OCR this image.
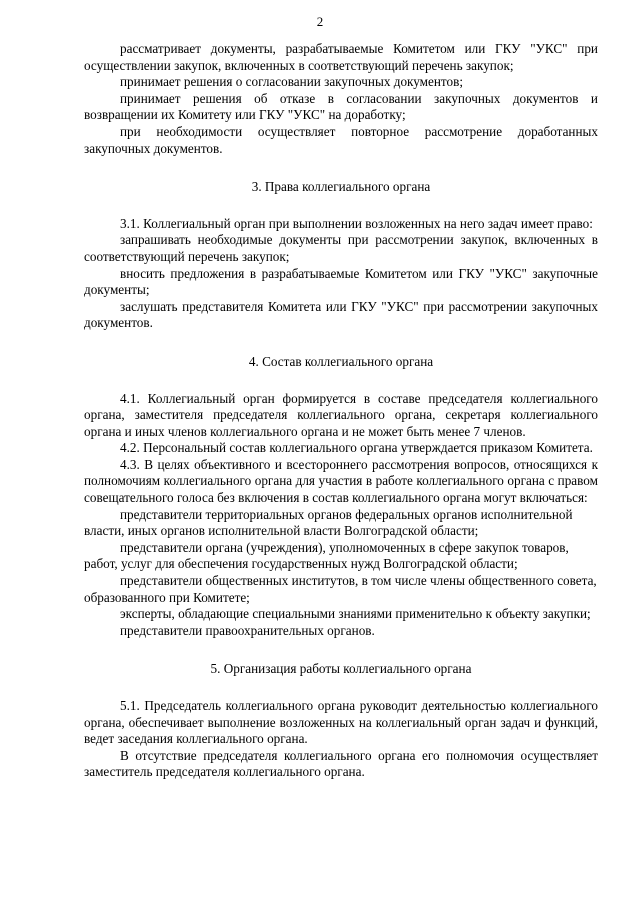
2

рассматривает документы, разрабатываемые Комитетом или ГКУ "УКС" при осуществлении закупок, включенных в соответствующий перечень закупок;

принимает решения о согласовании закупочных документов;

принимает решения об отказе в согласовании закупочных документов и возвращении их Комитету или ГКУ "УКС" на доработку;

при необходимости осуществляет повторное рассмотрение доработанных закупочных документов.

3. Права коллегиального органа

3.1. Коллегиальный орган при выполнении возложенных на него задач имеет право:

запрашивать необходимые документы при рассмотрении закупок, включенных в соответствующий перечень закупок;

вносить предложения в разрабатываемые Комитетом или ГКУ "УКС" закупочные документы;

заслушать представителя Комитета или ГКУ "УКС" при рассмотрении закупочных документов.

4. Состав коллегиального органа

4.1. Коллегиальный орган формируется в составе председателя коллегиального органа, заместителя председателя коллегиального органа, секретаря коллегиального органа и иных членов коллегиального органа и не может быть менее 7 членов.

4.2. Персональный состав коллегиального органа утверждается приказом Комитета.

4.3. В целях объективного и всестороннего рассмотрения вопросов, относящихся к полномочиям коллегиального органа для участия в работе коллегиального органа с правом совещательного голоса без включения в состав коллегиального органа могут включаться:

представители территориальных органов федеральных органов исполнительной власти, иных органов исполнительной власти Волгоградской области;

представители органа (учреждения), уполномоченных в сфере закупок товаров, работ, услуг для обеспечения государственных нужд Волгоградской области;

представители общественных институтов, в том числе члены общественного совета, образованного при Комитете;

эксперты, обладающие специальными знаниями применительно к объекту закупки;

представители правоохранительных органов.

5. Организация работы коллегиального органа

5.1. Председатель коллегиального органа руководит деятельностью коллегиального органа, обеспечивает выполнение возложенных на коллегиальный орган задач и функций, ведет заседания коллегиального органа.

В отсутствие председателя коллегиального органа его полномочия осуществляет заместитель председателя коллегиального органа.
